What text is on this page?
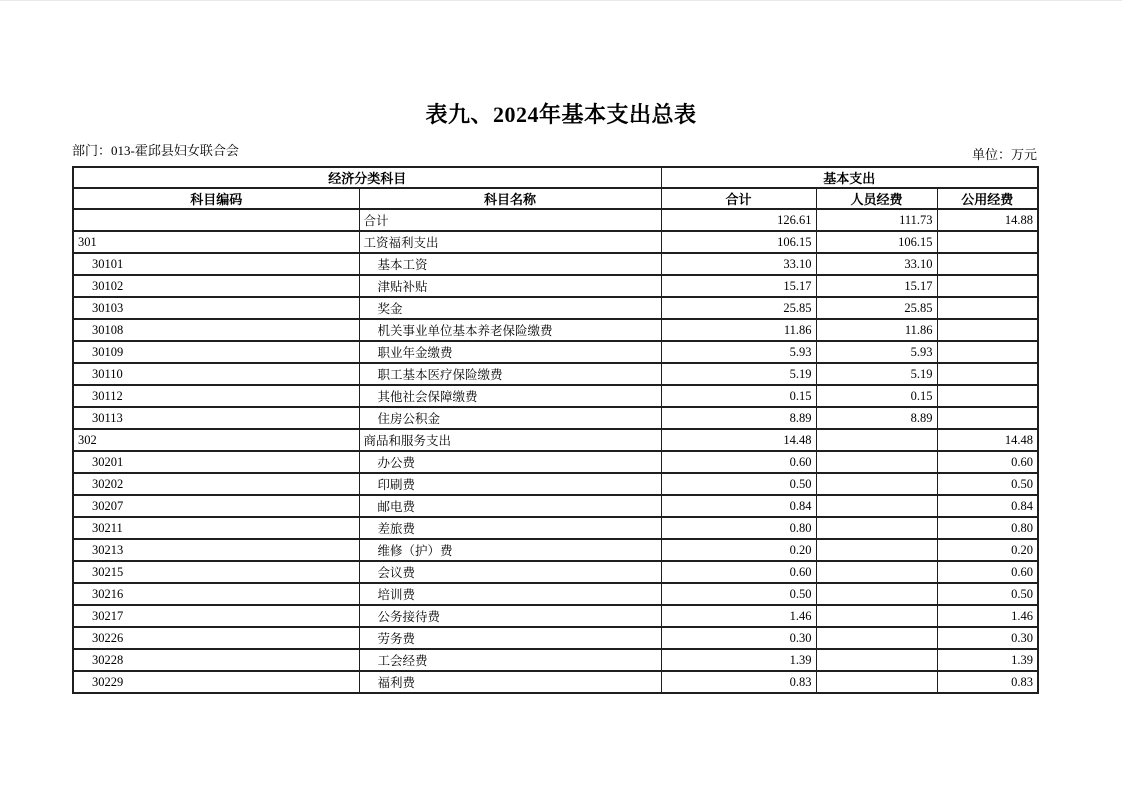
表九、2024年基本支出总表
部门：013-霍邱县妇女联合会	单位：万元
经济分类科目		基本支出		
科目编码	科目名称	合计	人员经费	公用经费
	合计	126.61	111.73	14.88
301	工资福利支出	106.15	106.15	
30101	基本工资	33.10	33.10	
30102	津贴补贴	15.17	15.17	
30103	奖金	25.85	25.85	
30108	机关事业单位基本养老保险缴费	11.86	11.86	
30109	职业年金缴费	5.93	5.93	
30110	职工基本医疗保险缴费	5.19	5.19	
30112	其他社会保障缴费	0.15	0.15	
30113	住房公积金	8.89	8.89	
302	商品和服务支出	14.48		14.48
30201	办公费	0.60		0.60
30202	印刷费	0.50		0.50
30207	邮电费	0.84		0.84
30211	差旅费	0.80		0.80
30213	维修（护）费	0.20		0.20
30215	会议费	0.60		0.60
30216	培训费	0.50		0.50
30217	公务接待费	1.46		1.46
30226	劳务费	0.30		0.30
30228	工会经费	1.39		1.39
30229	福利费	0.83		0.83
